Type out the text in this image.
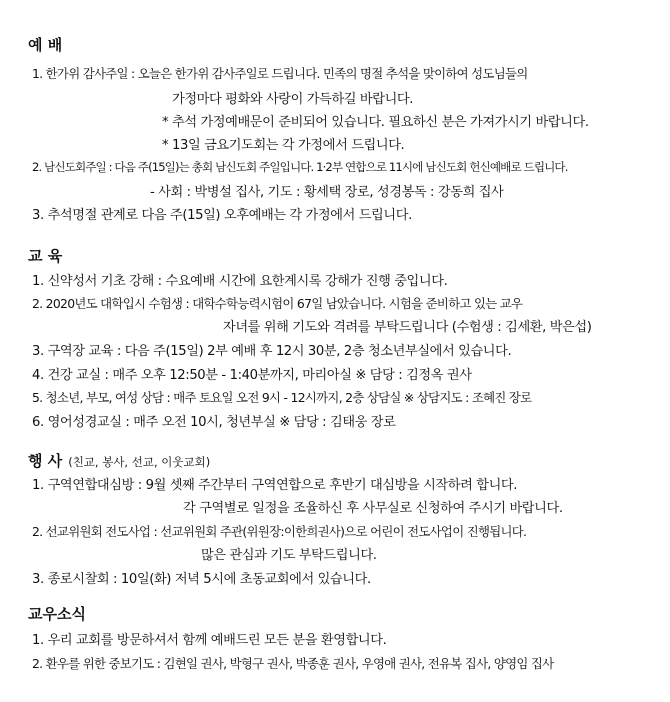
예 배
1. 한가위 감사주일 : 오늘은 한가위 감사주일로 드립니다. 민족의 명절 추석을 맞이하여 성도님들의
가정마다 평화와 사랑이 가득하길 바랍니다.
* 추석 가정예배문이 준비되어 있습니다. 필요하신 분은 가져가시기 바랍니다.
* 13일 금요기도회는 각 가정에서 드립니다.
2. 남신도회주일 : 다음 주(15일)는 총회 남신도회 주일입니다. 1·2부 연합으로 11시에 남신도회 헌신예배로 드립니다.
- 사회 : 박병설 집사, 기도 : 황세택 장로, 성경봉독 : 강동희 집사
3. 추석명절 관계로 다음 주(15일) 오후예배는 각 가정에서 드립니다.
교 육
1. 신약성서 기초 강해 : 수요예배 시간에 요한계시록 강해가 진행 중입니다.
2. 2020년도 대학입시 수험생 : 대학수학능력시험이 67일 남았습니다. 시험을 준비하고 있는 교우
자녀를 위해 기도와 격려를 부탁드립니다 (수험생 : 김세환, 박은섭)
3. 구역장 교육 : 다음 주(15일) 2부 예배 후 12시 30분, 2층 청소년부실에서 있습니다.
4. 건강 교실 : 매주 오후 12:50분 - 1:40분까지, 마리아실 ※ 담당 : 김정옥 권사
5. 청소년, 부모, 여성 상담 : 매주 토요일 오전 9시 - 12시까지, 2층 상담실 ※ 상담지도 : 조혜진 장로
6. 영어성경교실 : 매주 오전 10시, 청년부실 ※ 담당 : 김태웅 장로
행 사 (친교, 봉사, 선교, 이웃교회)
1. 구역연합대심방 : 9월 셋째 주간부터 구역연합으로 후반기 대심방을 시작하려 합니다.
각 구역별로 일정을 조율하신 후 사무실로 신청하여 주시기 바랍니다.
2. 선교위원회 전도사업 : 선교위원회 주관(위원장:이한희권사)으로 어린이 전도사업이 진행됩니다.
많은 관심과 기도 부탁드립니다.
3. 종로시찰회 : 10일(화) 저녁 5시에 초동교회에서 있습니다.
교우소식
1. 우리 교회를 방문하셔서 함께 예배드린 모든 분을 환영합니다.
2. 환우를 위한 중보기도 : 김현일 권사, 박형구 권사, 박종훈 권사, 우영애 권사, 전유복 집사, 양영임 집사
